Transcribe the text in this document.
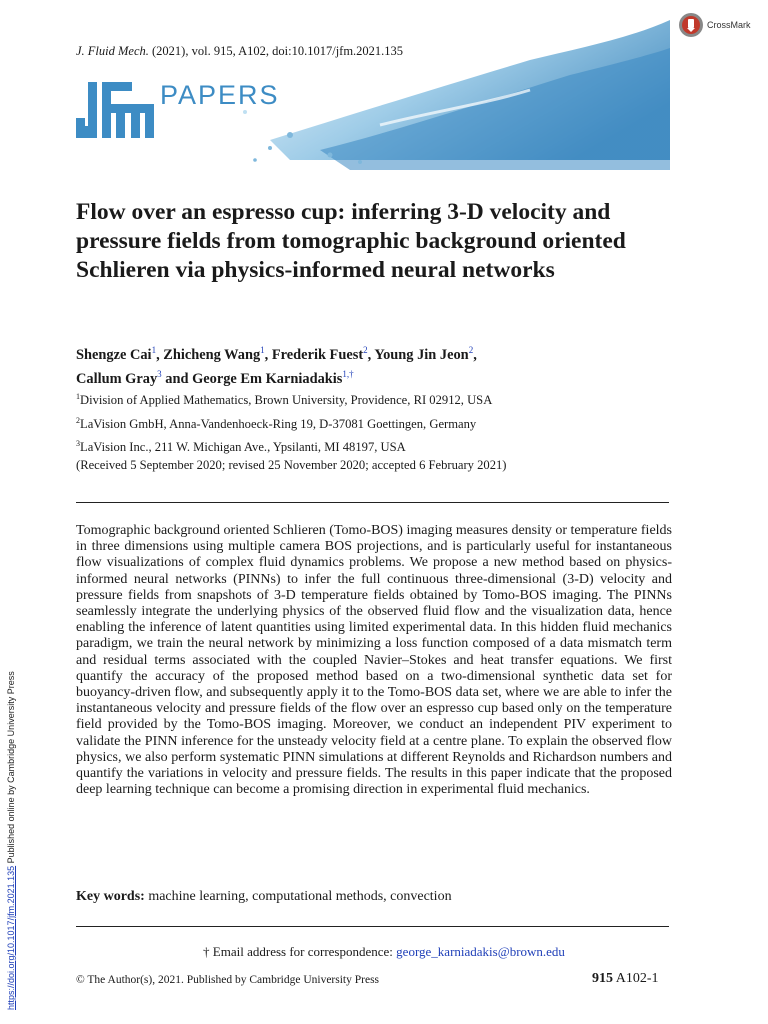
J. Fluid Mech. (2021), vol. 915, A102, doi:10.1017/jfm.2021.135
CrossMark
JFM	PAPERS
Flow over an espresso cup: inferring 3-D velocity and pressure fields from tomographic background oriented Schlieren via physics-informed neural networks
Shengze Cai$^1$, Zhicheng Wang$^1$, Frederik Fuest$^2$, Young Jin Jeon$^2$,
Callum Gray$^3$ and George Em Karniadakis$^{1,\dagger}$
$^1$Division of Applied Mathematics, Brown University, Providence, RI 02912, USA
$^2$LaVision GmbH, Anna-Vandenhoeck-Ring 19, D-37081 Goettingen, Germany
$^3$LaVision Inc., 211 W. Michigan Ave., Ypsilanti, MI 48197, USA
(Received 5 September 2020; revised 25 November 2020; accepted 6 February 2021)
Tomographic background oriented Schlieren (Tomo-BOS) imaging measures density or temperature fields in three dimensions using multiple camera BOS projections, and is particularly useful for instantaneous flow visualizations of complex fluid dynamics problems. We propose a new method based on physics-informed neural networks (PINNs) to infer the full continuous three-dimensional (3-D) velocity and pressure fields from snapshots of 3-D temperature fields obtained by Tomo-BOS imaging. The PINNs seamlessly integrate the underlying physics of the observed fluid flow and the visualization data, hence enabling the inference of latent quantities using limited experimental data. In this hidden fluid mechanics paradigm, we train the neural network by minimizing a loss function composed of a data mismatch term and residual terms associated with the coupled Navier–Stokes and heat transfer equations. We first quantify the accuracy of the proposed method based on a two-dimensional synthetic data set for buoyancy-driven flow, and subsequently apply it to the Tomo-BOS data set, where we are able to infer the instantaneous velocity and pressure fields of the flow over an espresso cup based only on the temperature field provided by the Tomo-BOS imaging. Moreover, we conduct an independent PIV experiment to validate the PINN inference for the unsteady velocity field at a centre plane. To explain the observed flow physics, we also perform systematic PINN simulations at different Reynolds and Richardson numbers and quantify the variations in velocity and pressure fields. The results in this paper indicate that the proposed deep learning technique can become a promising direction in experimental fluid mechanics.
Key words: machine learning, computational methods, convection
† Email address for correspondence: george_karniadakis@brown.edu
© The Author(s), 2021. Published by Cambridge University Press	915 A102-1
https://doi.org/10.1017/jfm.2021.135 Published online by Cambridge University Press
